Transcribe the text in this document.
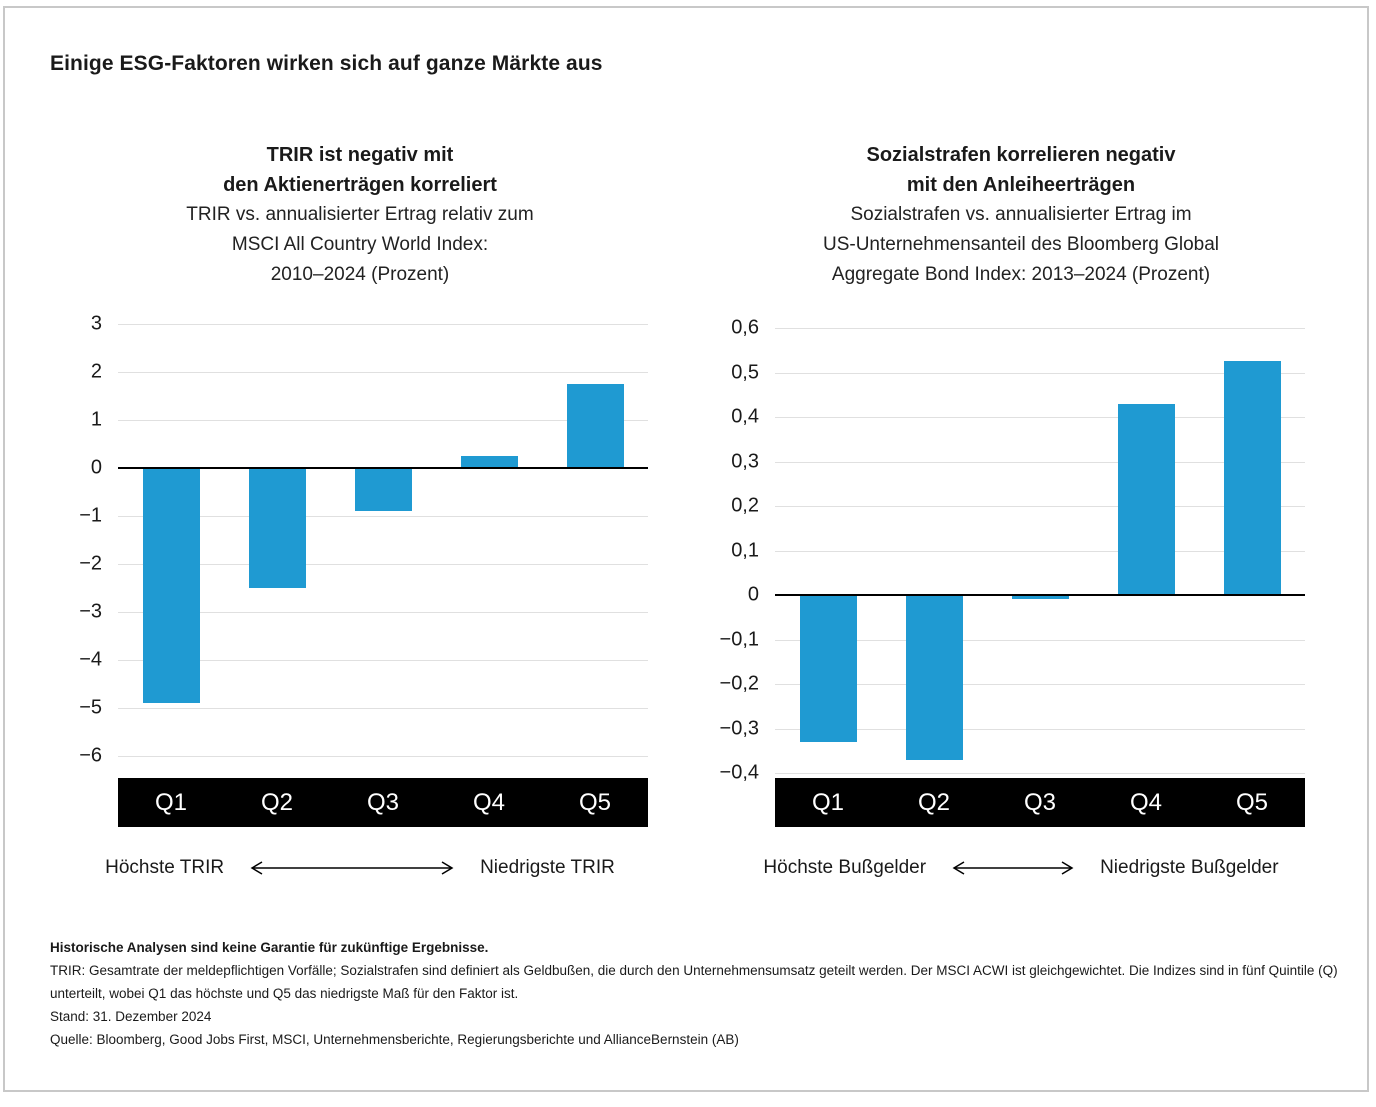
Einige ESG-Faktoren wirken sich auf ganze Märkte aus
TRIR ist negativ mit
den Aktienerträgen korreliert
TRIR vs. annualisierter Ertrag relativ zum
MSCI All Country World Index:
2010–2024 (Prozent)
3
2
1
0
−1
−2
−3
−4
−5
−6
Q1	Q2	Q3	Q4	Q5
Höchste TRIR	Niedrigste TRIR
Sozialstrafen korrelieren negativ
mit den Anleiheerträgen
Sozialstrafen vs. annualisierter Ertrag im
US-Unternehmensanteil des Bloomberg Global
Aggregate Bond Index: 2013–2024 (Prozent)
0,6
0,5
0,4
0,3
0,2
0,1
0
−0,1
−0,2
−0,3
−0,4
Q1	Q2	Q3	Q4	Q5
Höchste Bußgelder	Niedrigste Bußgelder

Historische Analysen sind keine Garantie für zukünftige Ergebnisse.

TRIR: Gesamtrate der meldepflichtigen Vorfälle; Sozialstrafen sind definiert als Geldbußen, die durch den Unternehmensumsatz geteilt werden. Der MSCI ACWI ist gleichgewichtet. Die Indizes sind in fünf Quintile (Q) unterteilt, wobei Q1 das höchste und Q5 das niedrigste Maß für den Faktor ist.

Stand: 31. Dezember 2024

Quelle: Bloomberg, Good Jobs First, MSCI, Unternehmensberichte, Regierungsberichte und AllianceBernstein (AB)
